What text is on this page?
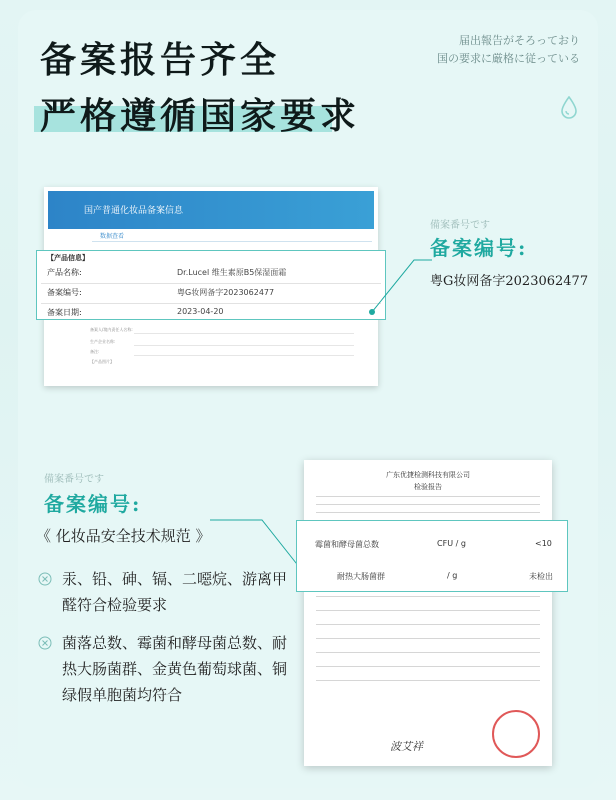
备案报告齐全
严格遵循国家要求
届出報告がそろっており
国の要求に厳格に従っている
国产普通化妆品备案信息
数据查看
备案人/境内责任人名称:
生产企业名称:
备注:
【产品图片】
【产品信息】
产品名称:	Dr.Lucel 维生素原B5保湿面霜
备案编号:	粤G妆网备字2023062477
备案日期:	2023-04-20
備案番号です
备案编号:
粤G妆网备字2023062477
广东优捷检测科技有限公司
检验报告
波艾祥
霉菌和酵母菌总数	CFU / g	<10
耐热大肠菌群	/ g	未检出
備案番号です
备案编号:
《 化妆品安全技术规范 》
汞、铅、砷、镉、二噁烷、游离甲醛符合检验要求
菌落总数、霉菌和酵母菌总数、耐热大肠菌群、金黄色葡萄球菌、铜绿假单胞菌均符合
